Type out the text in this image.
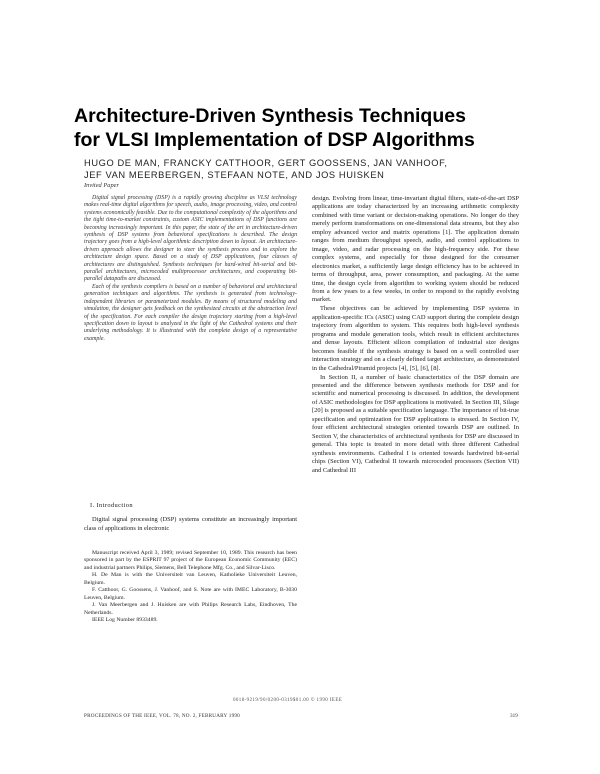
Architecture-Driven Synthesis Techniques
for VLSI Implementation of DSP Algorithms
HUGO DE MAN, FRANCKY CATTHOOR, GERT GOOSSENS, JAN VANHOOF,
JEF VAN MEERBERGEN, STEFAAN NOTE, AND JOS HUISKEN
Invited Paper

Digital signal processing (DSP) is a rapidly growing discipline as VLSI technology makes real-time digital algorithms for speech, audio, image processing, video, and control systems economically feasible. Due to the computational complexity of the algorithms and the tight time-to-market constraints, custom ASIC implementations of DSP functions are becoming increasingly important. In this paper, the state of the art in architecture-driven synthesis of DSP systems from behavioral specifications is described. The design trajectory goes from a high-level algorithmic description down to layout. An architecture-driven approach allows the designer to steer the synthesis process and to explore the architecture design space. Based on a study of DSP applications, four classes of architectures are distinguished. Synthesis techniques for hard-wired bit-serial and bit-parallel architectures, microcoded multiprocessor architectures, and cooperating bit-parallel datapaths are discussed.

Each of the synthesis compilers is based on a number of behavioral and architectural generation techniques and algorithms. The synthesis is generated from technology-independent libraries or parameterized modules. By means of structured modeling and simulation, the designer gets feedback on the synthesized circuits at the abstraction level of the specification. For each compiler the design trajectory starting from a high-level specification down to layout is analyzed in the light of the Cathedral systems and their underlying methodology. It is illustrated with the complete design of a representative example.

I. Introduction

Digital signal processing (DSP) systems constitute an increasingly important class of applications in electronic

Manuscript received April 3, 1989; revised September 10, 1989. This research has been sponsored in part by the ESPRIT 97 project of the European Economic Community (EEC) and industrial partners Philips, Siemens, Bell Telephone Mfg. Co., and Silvar-Lisco.

H. De Man is with the Universiteit van Leuven, Katholieke Universiteit Leuven, Belgium.

F. Catthoor, G. Goossens, J. Vanhoof, and S. Note are with IMEC Laboratory, B-3030 Leuven, Belgium.

J. Van Meerbergen and J. Huisken are with Philips Research Labs, Eindhoven, The Netherlands.

IEEE Log Number 8933489.

design. Evolving from linear, time-invariant digital filters, state-of-the-art DSP applications are today characterized by an increasing arithmetic complexity combined with time variant or decision-making operations. No longer do they merely perform transformations on one-dimensional data streams, but they also employ advanced vector and matrix operations [1]. The application domain ranges from medium throughput speech, audio, and control applications to image, video, and radar processing on the high-frequency side. For these complex systems, and especially for those designed for the consumer electronics market, a sufficiently large design efficiency has to be achieved in terms of throughput, area, power consumption, and packaging. At the same time, the design cycle from algorithm to working system should be reduced from a few years to a few weeks, in order to respond to the rapidly evolving market.

These objectives can be achieved by implementing DSP systems in application-specific ICs (ASIC) using CAD support during the complete design trajectory from algorithm to system. This requires both high-level synthesis programs and module generation tools, which result in efficient architectures and dense layouts. Efficient silicon compilation of industrial size designs becomes feasible if the synthesis strategy is based on a well controlled user interaction strategy and on a clearly defined target architecture, as demonstrated in the Cathedral/Piramid projects [4], [5], [6], [8].

In Section II, a number of basic characteristics of the DSP domain are presented and the difference between synthesis methods for DSP and for scientific and numerical processing is discussed. In addition, the development of ASIC methodologies for DSP applications is motivated. In Section III, Silage [20] is proposed as a suitable specification language. The importance of bit-true specification and optimization for DSP applications is stressed. In Section IV, four efficient architectural strategies oriented towards DSP are outlined. In Section V, the characteristics of architectural synthesis for DSP are discussed in general. This topic is treated in more detail with three different Cathedral synthesis environments. Cathedral I is oriented towards hardwired bit-serial chips (Section VI), Cathedral II towards microcoded processors (Section VII) and Cathedral III

0018-9219/90/0200-0319$01.00 © 1990 IEEE
PROCEEDINGS OF THE IEEE, VOL. 78, NO. 2, FEBRUARY 1990	319
